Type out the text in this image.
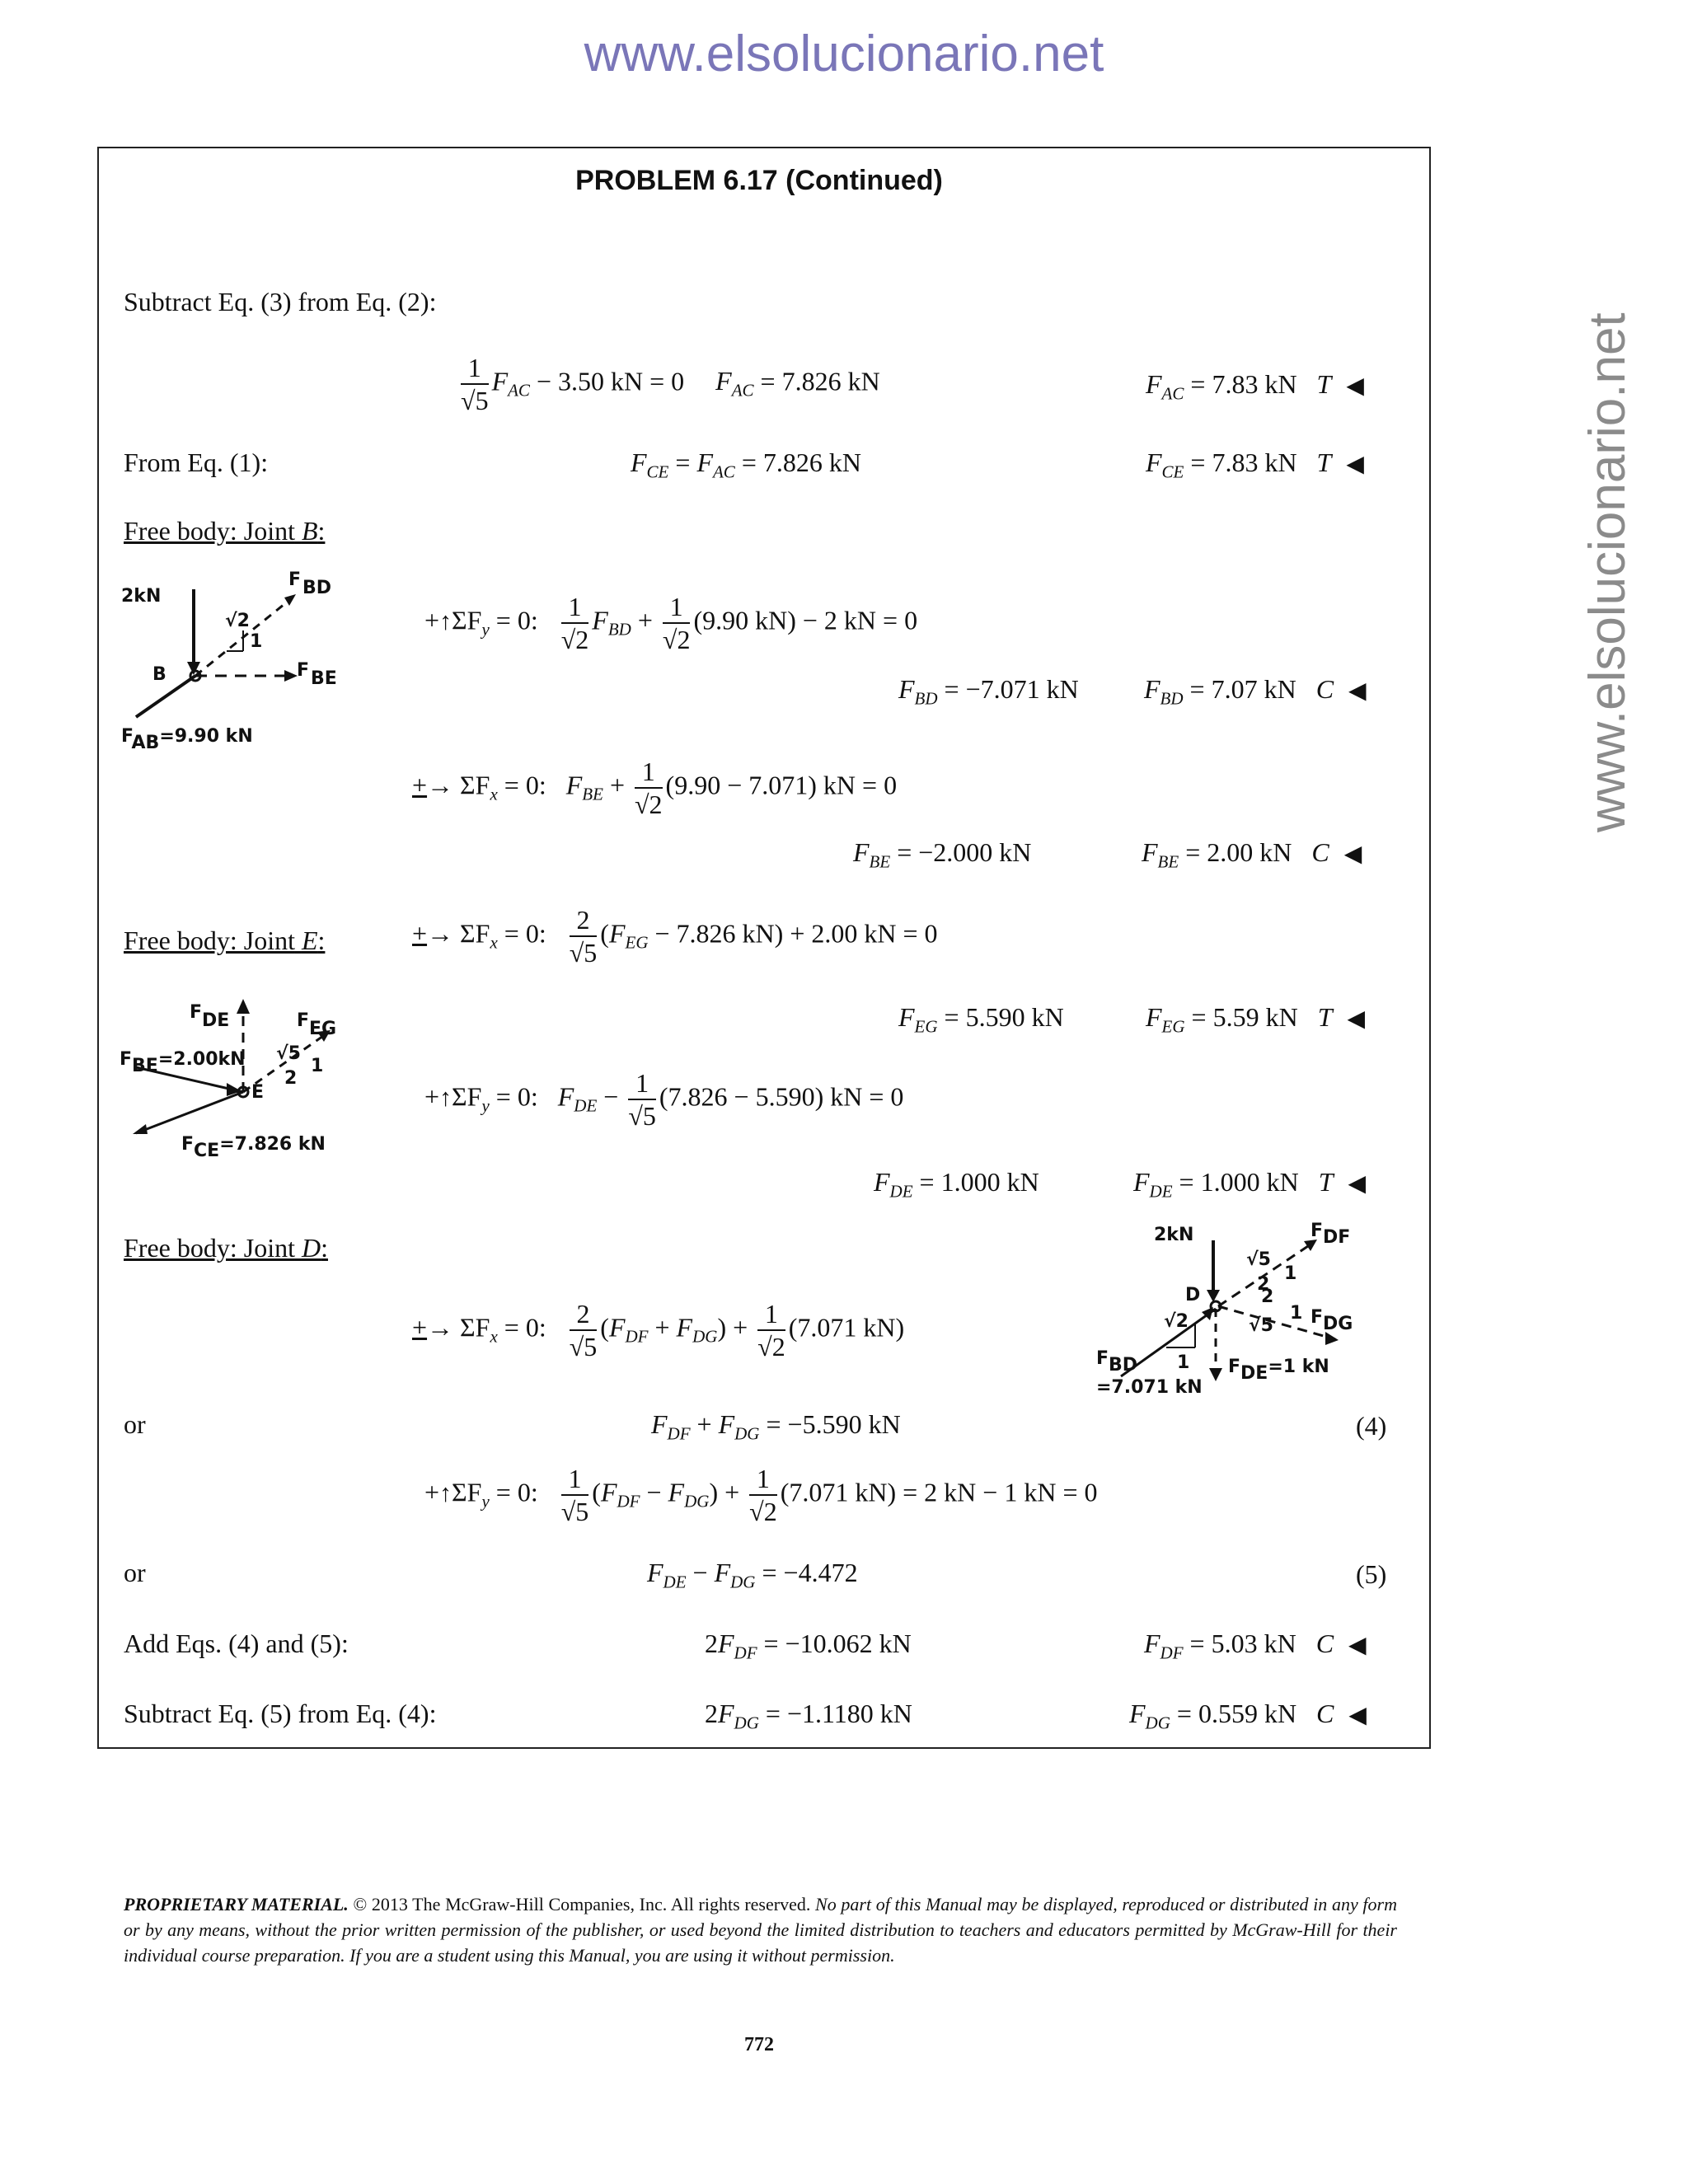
www.elsolucionario.net
www.elsolucionario.net
PROBLEM 6.17 (Continued)
Subtract Eq. (3) from Eq. (2):
$\frac{1}{√5} F_{AC} - 3.50$ kN = 0 $F_{AC} = 7.826$ kN	$F_{AC} = 7.83$ kN T ◀
From Eq. (1):	$F_{CE} = F_{AC} = 7.826$ kN	$F_{CE} = 7.83$ kN T ◀
Free body: Joint B:
2kN
FBD
FBE
B
√2
1
FAB=9.90 kN
$+↑\Sigma F_y = 0$: $\frac{1}{√2} F_{BD} + \frac{1}{√2} (9.90$ kN) − 2 kN = 0
$F_{BD} = -7.071$ kN $F_{BD} = 7.07$ kN C ◀
+→ $\Sigma F_x = 0$:   $F_{BE} + \frac{1}{√2} (9.90 - 7.071)$ kN = 0
$F_{BE} = -2.000$ kN	$F_{BE} = 2.00$ kN C ◀
Free body: Joint E:	+→ $\Sigma F_x = 0$: $\frac{2}{√5} (F_{EG} - 7.826$ kN) + 2.00 kN = 0
FDE	FEG
√5
1
2
FBE=2.00kN
E
FCE=7.826 kN
$F_{EG} = 5.590$ kN	$F_{EG} = 5.59$ kN T ◀
$+↑\Sigma F_y = 0$:   $F_{DE} - \frac{1}{√5} (7.826 - 5.590)$ kN = 0
$F_{DE} = 1.000$ kN	$F_{DE} = 1.000$ kN T ◀
Free body: Joint D:	2kN	FDF
√5
1
2
D
√2
1
√5
1
2
FDG
FBD
=7.071 kN
FDE=1 kN
+→ $\Sigma F_x = 0$: $\frac{2}{√5} (F_{DF} + F_{DG}) + \frac{1}{√2} (7.071$ kN)
or	$F_{DF} + F_{DG} = -5.590$ kN	(4)
$+↑\Sigma F_y = 0$: $\frac{1}{√5} (F_{DF} - F_{DG}) + \frac{1}{√2} (7.071$ kN) = 2 kN − 1 kN = 0
or	$F_{DE} - F_{DG} = -4.472$	(5)
Add Eqs. (4) and (5):	$2F_{DF} = -10.062$ kN	$F_{DF} = 5.03$ kN C ◀
Subtract Eq. (5) from Eq. (4):	$2F_{DG} = -1.1180$ kN	$F_{DG} = 0.559$ kN C ◀
PROPRIETARY MATERIAL. © 2013 The McGraw-Hill Companies, Inc. All rights reserved. No part of this Manual may be displayed, reproduced or distributed in any form or by any means, without the prior written permission of the publisher, or used beyond the limited distribution to teachers and educators permitted by McGraw-Hill for their individual course preparation. If you are a student using this Manual, you are using it without permission.
772
